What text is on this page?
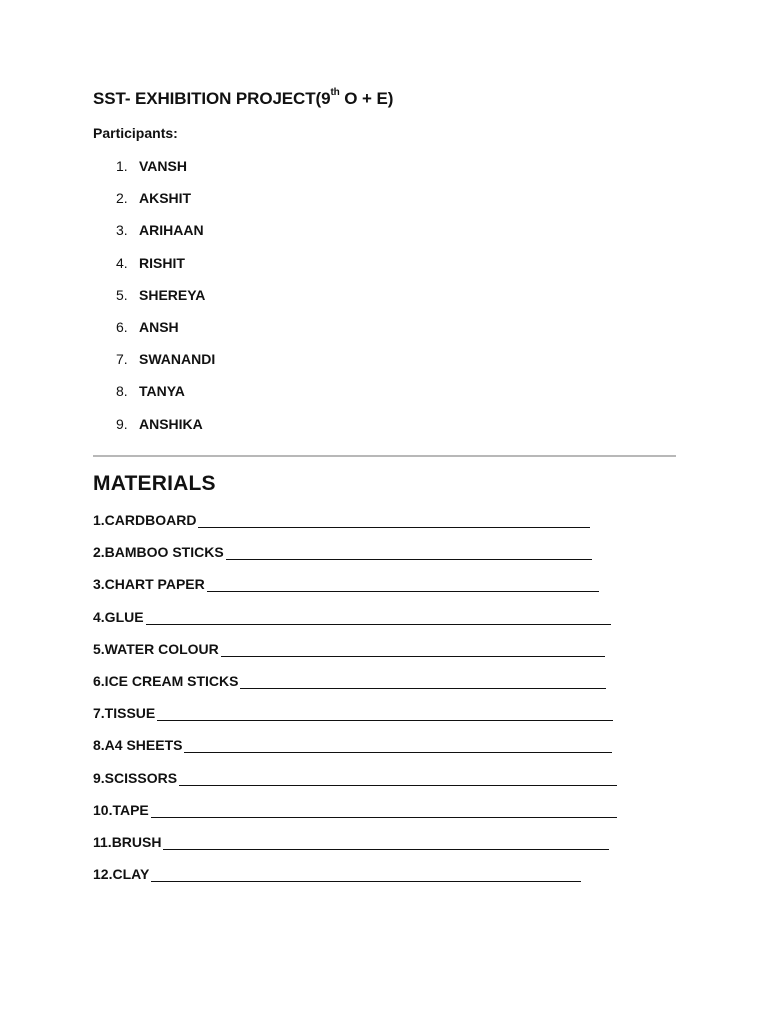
SST- EXHIBITION PROJECT(9th O + E)
Participants:
1. VANSH
2. AKSHIT
3. ARIHAAN
4. RISHIT
5. SHEREYA
6. ANSH
7. SWANANDI
8. TANYA
9. ANSHIKA
MATERIALS
1.CARDBOARD
2.BAMBOO STICKS
3.CHART PAPER
4.GLUE
5.WATER COLOUR
6.ICE CREAM STICKS
7.TISSUE
8.A4 SHEETS
9.SCISSORS
10.TAPE
11.BRUSH
12.CLAY
